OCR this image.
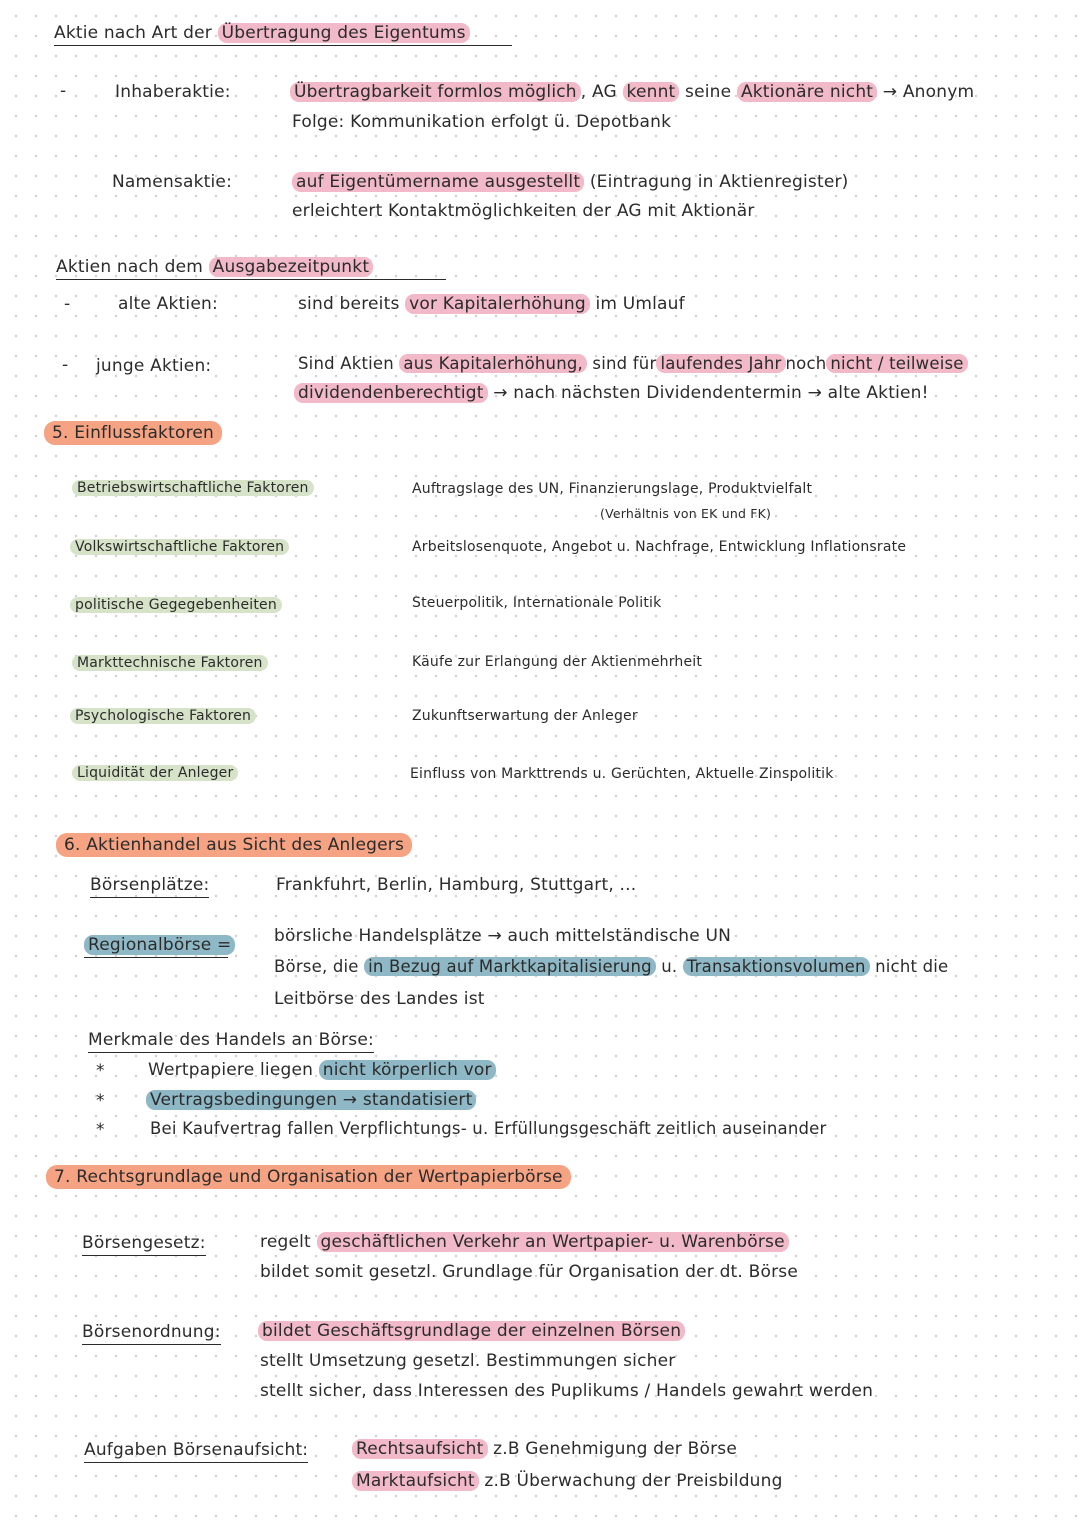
Aktie nach Art der Übertragung des Eigentums
-	Inhaberaktie:	Übertragbarkeit formlos möglich , AG kennt seine Aktionäre nicht → Anonym
Folge: Kommunikation erfolgt ü. Depotbank
Namensaktie:	auf Eigentümername ausgestellt (Eintragung in Aktienregister)
erleichtert Kontaktmöglichkeiten der AG mit Aktionär
Aktien nach dem Ausgabezeitpunkt
-	alte Aktien:	sind bereits vor Kapitalerhöhung im Umlauf
- junge Aktien:	Sind Aktien aus Kapitalerhöhung, sind für laufendes Jahr noch nicht / teilweise
dividendenberechtigt → nach nächsten Dividendentermin → alte Aktien!
5. Einflussfaktoren
Betriebswirtschaftliche Faktoren	Auftragslage des UN, Finanzierungslage, Produktvielfalt
(Verhältnis von EK und FK)
Volkswirtschaftliche Faktoren	Arbeitslosenquote, Angebot u. Nachfrage, Entwicklung Inflationsrate
politische Gegegebenheiten	Steuerpolitik, Internationale Politik
Markttechnische Faktoren	Käufe zur Erlangung der Aktienmehrheit
Psychologische Faktoren	Zukunftserwartung der Anleger
Liquidität der Anleger	Einfluss von Markttrends u. Gerüchten, Aktuelle Zinspolitik
6. Aktienhandel aus Sicht des Anlegers
Börsenplätze:	Frankfuhrt, Berlin, Hamburg, Stuttgart, ...
Regionalbörse =	börsliche Handelsplätze → auch mittelständische UN
Börse, die in Bezug auf Marktkapitalisierung u. Transaktionsvolumen nicht die
Leitbörse des Landes ist
Merkmale des Handels an Börse:
*	Wertpapiere liegen nicht körperlich vor
*	Vertragsbedingungen → standatisiert
*	Bei Kaufvertrag fallen Verpflichtungs- u. Erfüllungsgeschäft zeitlich auseinander
7. Rechtsgrundlage und Organisation der Wertpapierbörse
Börsengesetz:	regelt geschäftlichen Verkehr an Wertpapier- u. Warenbörse
bildet somit gesetzl. Grundlage für Organisation der dt. Börse
Börsenordnung: bildet Geschäftsgrundlage der einzelnen Börsen
stellt Umsetzung gesetzl. Bestimmungen sicher
stellt sicher, dass Interessen des Puplikums / Handels gewahrt werden
Aufgaben Börsenaufsicht:	Rechtsaufsicht z.B Genehmigung der Börse
Marktaufsicht z.B Überwachung der Preisbildung
